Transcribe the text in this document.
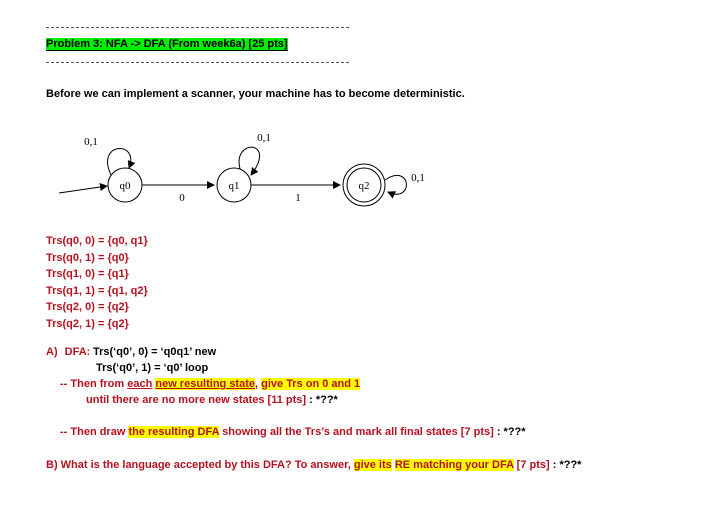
Problem 3: NFA -> DFA (From week6a) [25 pts]
Before we can implement a scanner, your machine has to become deterministic.
q0
0,1
0
q1
0,1
1
q2
0,1
Trs(q0, 0) = {q0, q1}
Trs(q0, 1) = {q0}
Trs(q1, 0) = {q1}
Trs(q1, 1) = {q1, q2}
Trs(q2, 0) = {q2}
Trs(q2, 1) = {q2}
A) DFA: Trs(‘q0’, 0) = ‘q0q1’ new
Trs(‘q0’, 1) = ‘q0’ loop
-- Then from each new resulting state, give Trs on 0 and 1
until there are no more new states [11 pts] : *??*
-- Then draw the resulting DFA showing all the Trs’s and mark all final states [7 pts] : *??*
B) What is the language accepted by this DFA? To answer, give its RE matching your DFA [7 pts] : *??*
